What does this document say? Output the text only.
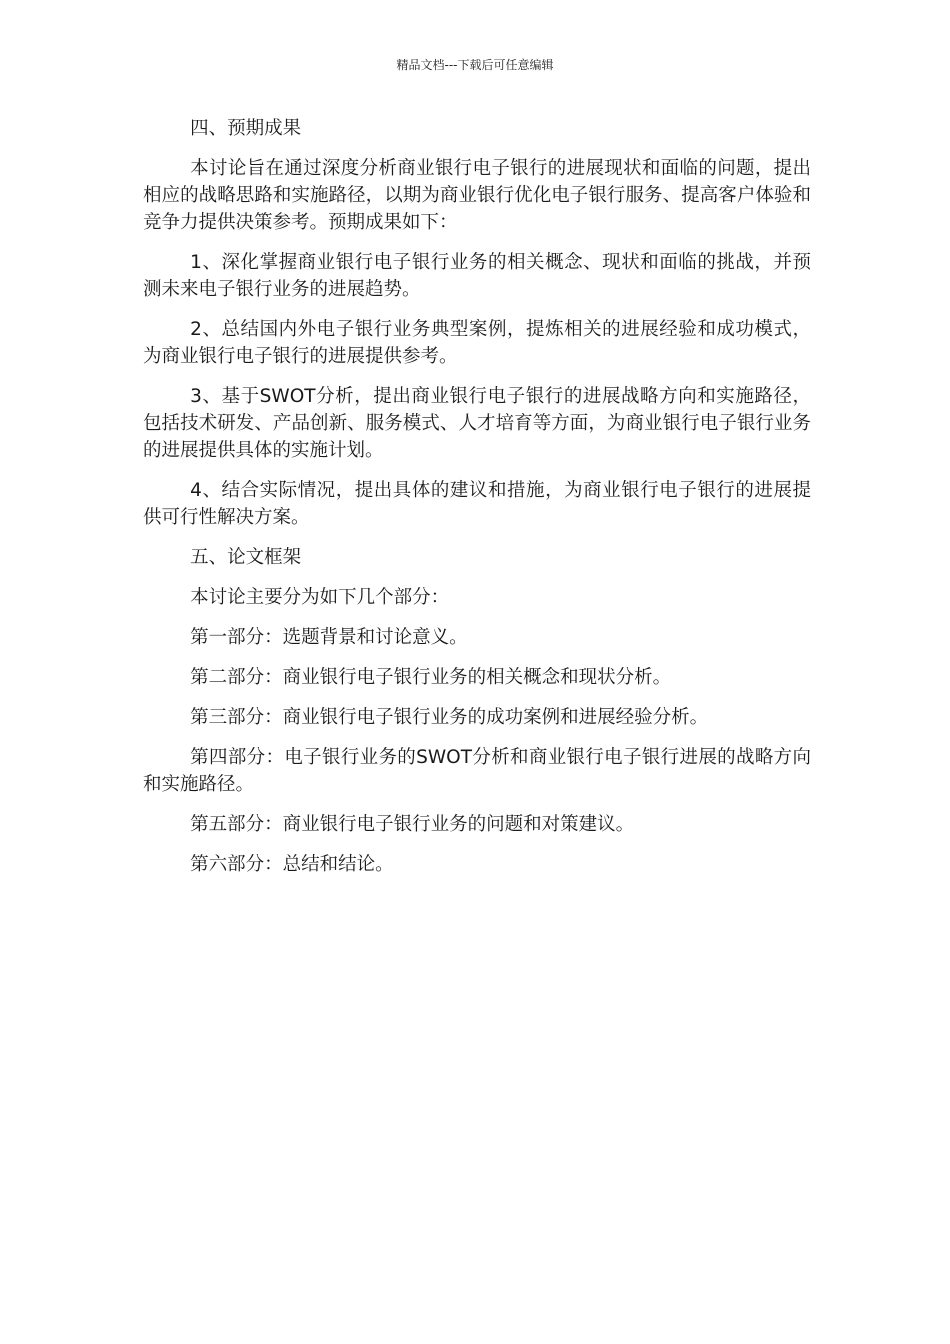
精品文档---下载后可任意编辑

四、预期成果

本讨论旨在通过深度分析商业银行电子银行的进展现状和面临的问题，提出相应的战略思路和实施路径，以期为商业银行优化电子银行服务、提高客户体验和竞争力提供决策参考。预期成果如下：

1、深化掌握商业银行电子银行业务的相关概念、现状和面临的挑战，并预测未来电子银行业务的进展趋势。

2、总结国内外电子银行业务典型案例，提炼相关的进展经验和成功模式，为商业银行电子银行的进展提供参考。

3、基于SWOT分析，提出商业银行电子银行的进展战略方向和实施路径，包括技术研发、产品创新、服务模式、人才培育等方面，为商业银行电子银行业务的进展提供具体的实施计划。

4、结合实际情况，提出具体的建议和措施，为商业银行电子银行的进展提供可行性解决方案。

五、论文框架

本讨论主要分为如下几个部分：

第一部分：选题背景和讨论意义。

第二部分：商业银行电子银行业务的相关概念和现状分析。

第三部分：商业银行电子银行业务的成功案例和进展经验分析。

第四部分：电子银行业务的SWOT分析和商业银行电子银行进展的战略方向和实施路径。

第五部分：商业银行电子银行业务的问题和对策建议。

第六部分：总结和结论。
